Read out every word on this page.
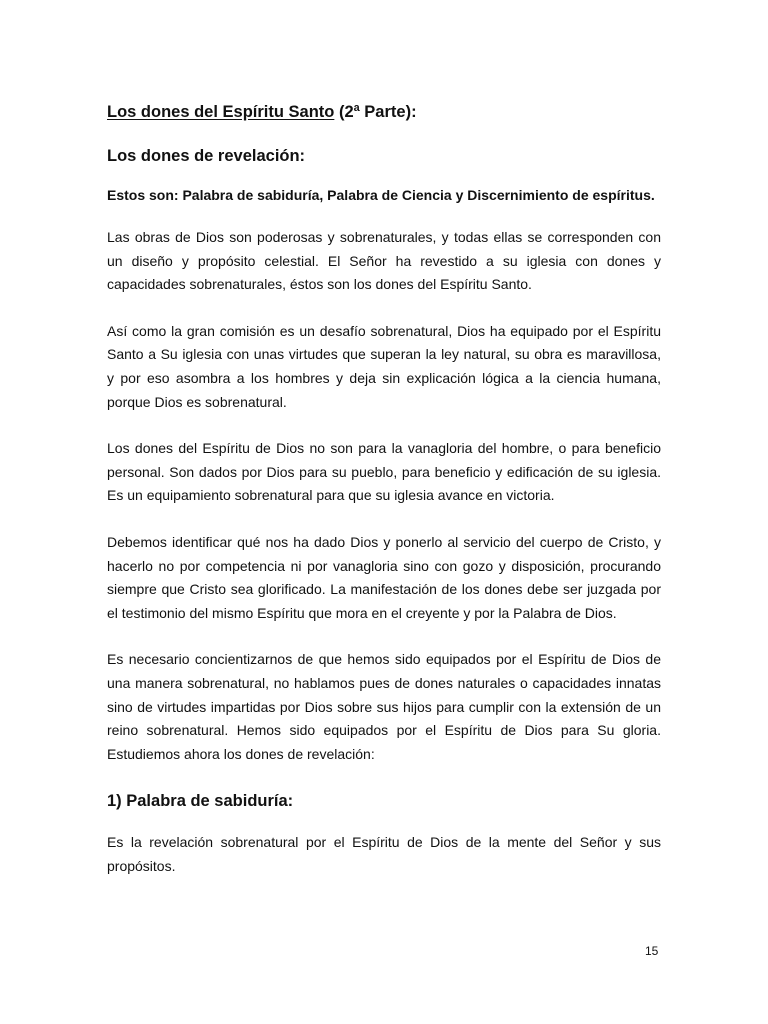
Los dones del Espíritu Santo (2ª Parte):

Los dones de revelación:

Estos son: Palabra de sabiduría, Palabra de Ciencia y Discernimiento de espíritus.

Las obras de Dios son poderosas y sobrenaturales, y todas ellas se corresponden con un diseño y propósito celestial. El Señor ha revestido a su iglesia con dones y capacidades sobrenaturales, éstos son los dones del Espíritu Santo.

Así como la gran comisión es un desafío sobrenatural, Dios ha equipado por el Espíritu Santo a Su iglesia con unas virtudes que superan la ley natural, su obra es maravillosa, y por eso asombra a los hombres y deja sin explicación lógica a la ciencia humana, porque Dios es sobrenatural.

Los dones del Espíritu de Dios no son para la vanagloria del hombre, o para beneficio personal. Son dados por Dios para su pueblo, para beneficio y edificación de su iglesia. Es un equipamiento sobrenatural para que su iglesia avance en victoria.

Debemos identificar qué nos ha dado Dios y ponerlo al servicio del cuerpo de Cristo, y hacerlo no por competencia ni por vanagloria sino con gozo y disposición, procurando siempre que Cristo sea glorificado. La manifestación de los dones debe ser juzgada por el testimonio del mismo Espíritu que mora en el creyente y por la Palabra de Dios.

Es necesario concientizarnos de que hemos sido equipados por el Espíritu de Dios de una manera sobrenatural, no hablamos pues de dones naturales o capacidades innatas sino de virtudes impartidas por Dios sobre sus hijos para cumplir con la extensión de un reino sobrenatural. Hemos sido equipados por el Espíritu de Dios para Su gloria. Estudiemos ahora los dones de revelación:

1) Palabra de sabiduría:

Es la revelación sobrenatural por el Espíritu de Dios de la mente del Señor y sus propósitos.

15
